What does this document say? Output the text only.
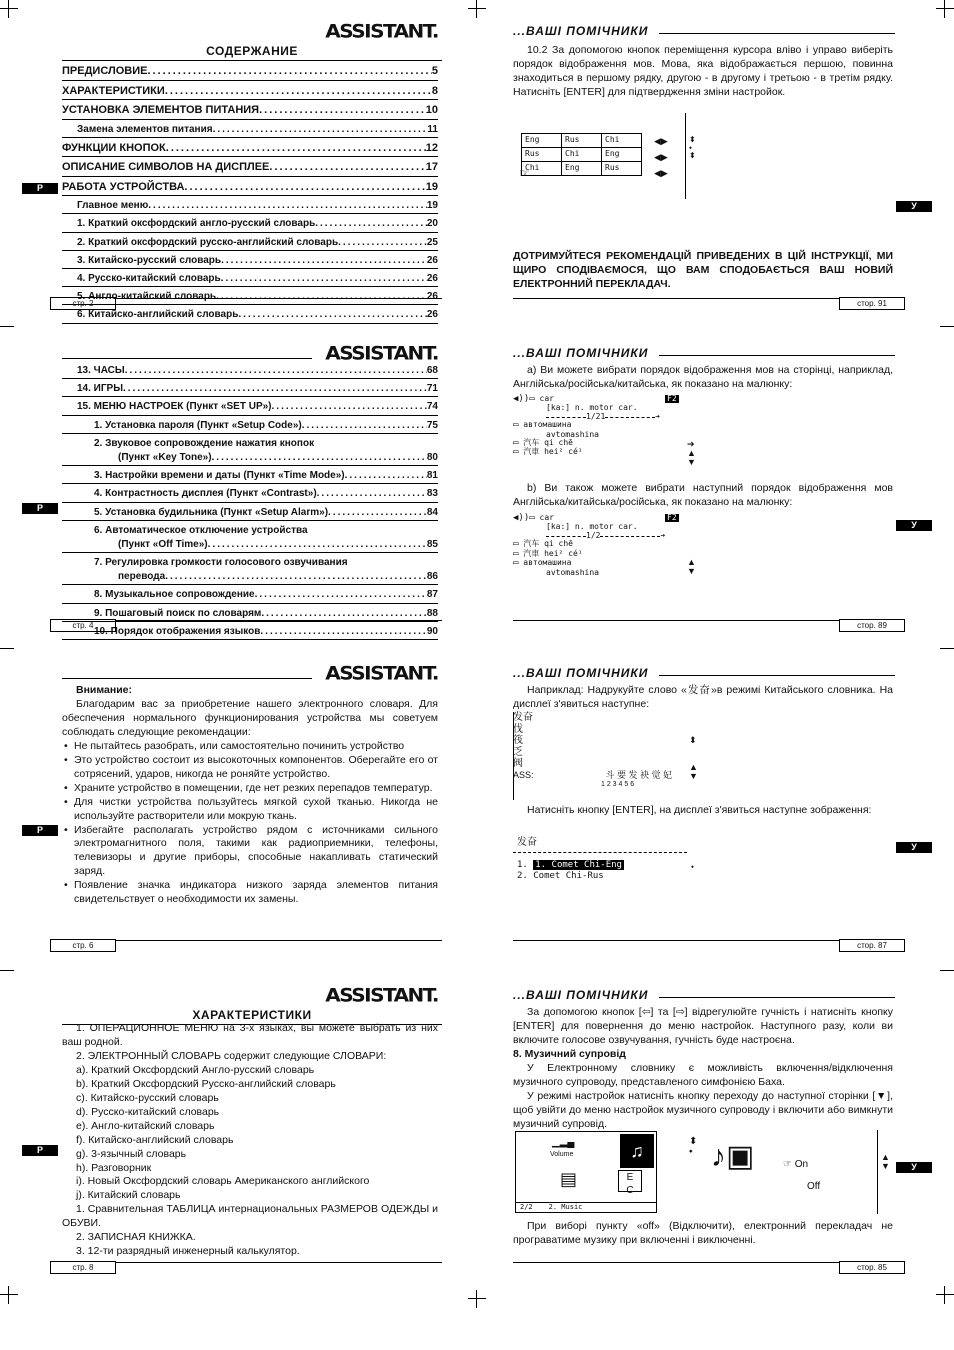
Р
Р
Р
Р
У
У
У
У
ASSISTANT.
СОДЕРЖАНИЕ
ПРЕДИСЛОВИЕ .....	5
ХАРАКТЕРИСТИКИ .....	8
УСТАНОВКА ЭЛЕМЕНТОВ ПИТАНИЯ .....	10
Замена элементов питания .....	11
ФУНКЦИИ КНОПОК .....	12
ОПИСАНИЕ СИМВОЛОВ НА ДИСПЛЕЕ .....	17
РАБОТА УСТРОЙСТВА .....	19
Главное меню .....	19
1. Краткий оксфордский англо-русский словарь .....	20
2. Краткий оксфордский русско-английский словарь .....	25
3. Китайско-русский словарь .....	26
4. Русско-китайский словарь .....	26
5. Англо-китайский словарь .....	26
6. Китайско-английский словарь .....	26
стр. 2
...ВАШІ ПОМІЧНИКИ

10.2 За допомогою кнопок переміщення курсора вліво і управо виберіть порядок відображення мов. Мова, яка відображається першою, повинна знаходиться в першому рядку, другою - в другому і третьою - в третім рядку. Натисніть [ENTER] для підтвердження зміни настройок.

Eng	Rus	Chi
Rus	Chi	Eng
Chi	Eng	Rus
☞
◀▶
◀▶
◀▶
⬍
⬩
⬍

ДОТРИМУЙТЕСЯ РЕКОМЕНДАЦІЙ ПРИВЕДЕНИХ В ЦІЙ ІНСТРУКЦІЇ, МИ ЩИРО СПОДІВАЄМОСЯ, ЩО ВАМ СПОДОБАЄТЬСЯ ВАШ НОВИЙ ЕЛЕКТРОННИЙ ПЕРЕКЛАДАЧ.

стор. 91
ASSISTANT.
13. ЧАСЫ .....	68
14. ИГРЫ .....	71
15. МЕНЮ НАСТРОЕК (Пункт «SET UP») .....	74
1. Установка пароля (Пункт «Setup Code») .....	75
2. Звуковое сопровождение нажатия кнопок
(Пункт «Key Tone») .....	80
3. Настройки времени и даты (Пункт «Time Mode») .....	81
4. Контрастность дисплея (Пункт «Contrast») .....	83
5. Установка будильника (Пункт «Setup Alarm») .....	84
6. Автоматическое отключение устройства
(Пункт «Off Time») .....	85
7. Регулировка громкости голосового озвучивания
перевода .....	86
8. Музыкальное сопровождение .....	87
9. Пошаговый поиск по словарям .....	88
10. Порядок отображения языков .....	90
стр. 4
...ВАШІ ПОМІЧНИКИ

a) Ви можете вибрати порядок відображення мов на сторінці, наприклад, Англійська/російська/китайська, як показано на малюнку:

◀))▭ car	F2
[ka:] n. motor car.
1/21	➔
▭ автомашина
avtomashina
▭ 汽车 qi chē
▭ 汽車 hei² cé¹
➔
▲
▼

b) Ви також можете вибрати наступний порядок відображення мов Англійська/китайська/російська, як показано на малюнку:

◀))▭ car	F2
[ka:] n. motor car.
1/2	➔
▭ 汽车 qi chē
▭ 汽車 hei² cé¹
▭ автомашина
avtomashina
▲
▼
стор. 89
ASSISTANT.

Внимание:

Благодарим вас за приобретение нашего электронного словаря. Для обеспечения нормального функционирования устройства мы советуем соблюдать следующие рекомендации:

• Не пытайтесь разобрать, или самостоятельно починить устройство
• Это устройство состоит из высокоточных компонентов. Оберегайте его от сотрясений, ударов, никогда не роняйте устройство.
• Храните устройство в помещении, где нет резких перепадов температур.
• Для чистки устройства пользуйтесь мягкой сухой тканью. Никогда не используйте растворители или мокрую ткань.
• Избегайте располагать устройство рядом с источниками сильного электромагнитного поля, такими как радиоприемники, телефоны, телевизоры и другие приборы, способные накапливать статический заряд.
• Появление значка индикатора низкого заряда элементов питания свидетельствует о необходимости их замены.
стр. 6
...ВАШІ ПОМІЧНИКИ

Наприклад: Надрукуйте слово «发奋»в режимі Китайського словника. На дисплеї з'явиться наступне:

发奋
伐
筏
乏
阀
ASS:	斗 要 发 袂 觉 妃
1 2 3 4 5 6
⬍

▲
▼

Натисніть кнопку [ENTER], на дисплеї з'явиться наступне зображення:

发奋
1. 1. Comet Chi-Eng
2. Comet Chi-Rus
⬩
стор. 87
ASSISTANT.
ХАРАКТЕРИСТИКИ

1. ОПЕРАЦИОННОЕ МЕНЮ на 3-х языках, вы можете выбрать из них ваш родной.

2. ЭЛЕКТРОННЫЙ СЛОВАРЬ содержит следующие СЛОВАРИ:

a). Краткий Оксфордский Англо-русский словарь

b). Краткий Оксфордский Русско-английский словарь

c). Китайско-русский словарь

d). Русско-китайский словарь

e). Англо-китайский словарь

f). Китайско-английский словарь

g). 3-язычный словарь

h). Разговорник

i). Новый Оксфордский словарь Американского английского

j). Китайский словарь

1. Сравнительная ТАБЛИЦА интернациональных РАЗМЕРОВ ОДЕЖДЫ и ОБУВИ.

2. ЗАПИСНАЯ КНИЖКА.

3. 12-ти разрядный инженерный калькулятор.

стр. 8
...ВАШІ ПОМІЧНИКИ

За допомогою кнопок [⇦] та [⇨] відрегулюйте гучність і натисніть кнопку [ENTER] для повернення до меню настройок. Наступного разу, коли ви включите голосове озвучування, гучність буде настроєна.

8. Музичний супровід

У Електронному словнику є можливість включення/відключення музичного супроводу, представленого симфонією Баха.

У режимі настройок натисніть кнопку переходу до наступної сторінки [▼], щоб увійти до меню настройок музичного супроводу і включити або вимкнути музичний супровід.

▁▂▄
Volume	♫
▤	E
C
2/2 2. Music
⬍
⬩ ♪▣	☞ On
Off
▲
▼

При виборі пункту «off» (Відключити), електронний перекладач не програватиме музику при включенні і виключенні.

стор. 85
